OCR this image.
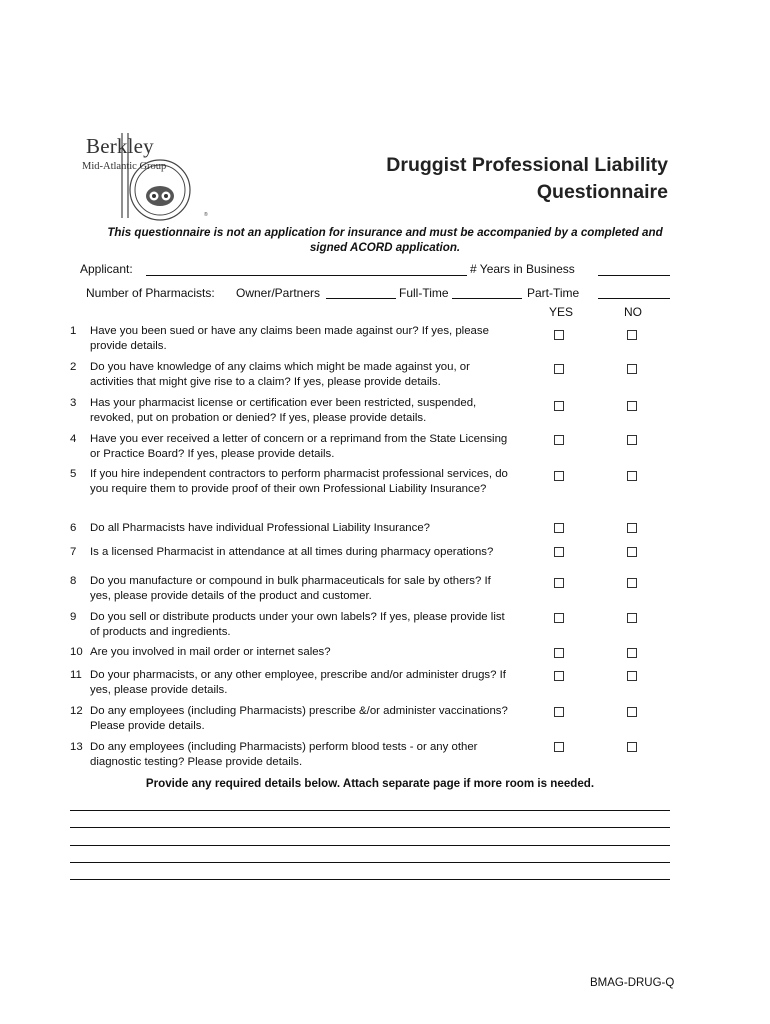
®
Berkley
Mid-Atlantic Group	Druggist Professional Liability
Questionnaire
This questionnaire is not an application for insurance and must be accompanied by a completed and
signed ACORD application.
Applicant:	# Years in Business
Number of Pharmacists: Owner/Partners	Full-Time	Part-Time
YES	NO
1	Have you been sued or have any claims been made against our? If yes, please provide details.
2	Do you have knowledge of any claims which might be made against you, or activities that might give rise to a claim? If yes, please provide details.
3	Has your pharmacist license or certification ever been restricted, suspended, revoked, put on probation or denied? If yes, please provide details.
4	Have you ever received a letter of concern or a reprimand from the State Licensing or Practice Board? If yes, please provide details.
5	If you hire independent contractors to perform pharmacist professional services, do you require them to provide proof of their own Professional Liability Insurance?
6	Do all Pharmacists have individual Professional Liability Insurance?
7	Is a licensed Pharmacist in attendance at all times during pharmacy operations?
8	Do you manufacture or compound in bulk pharmaceuticals for sale by others? If yes, please provide details of the product and customer.
9	Do you sell or distribute products under your own labels? If yes, please provide list of products and ingredients.
10 Are you involved in mail order or internet sales?
11 Do your pharmacists, or any other employee, prescribe and/or administer drugs? If yes, please provide details.
12 Do any employees (including Pharmacists) prescribe &/or administer vaccinations? Please provide details.
13 Do any employees (including Pharmacists) perform blood tests - or any other diagnostic testing? Please provide details.
Provide any required details below. Attach separate page if more room is needed.
BMAG-DRUG-Q
